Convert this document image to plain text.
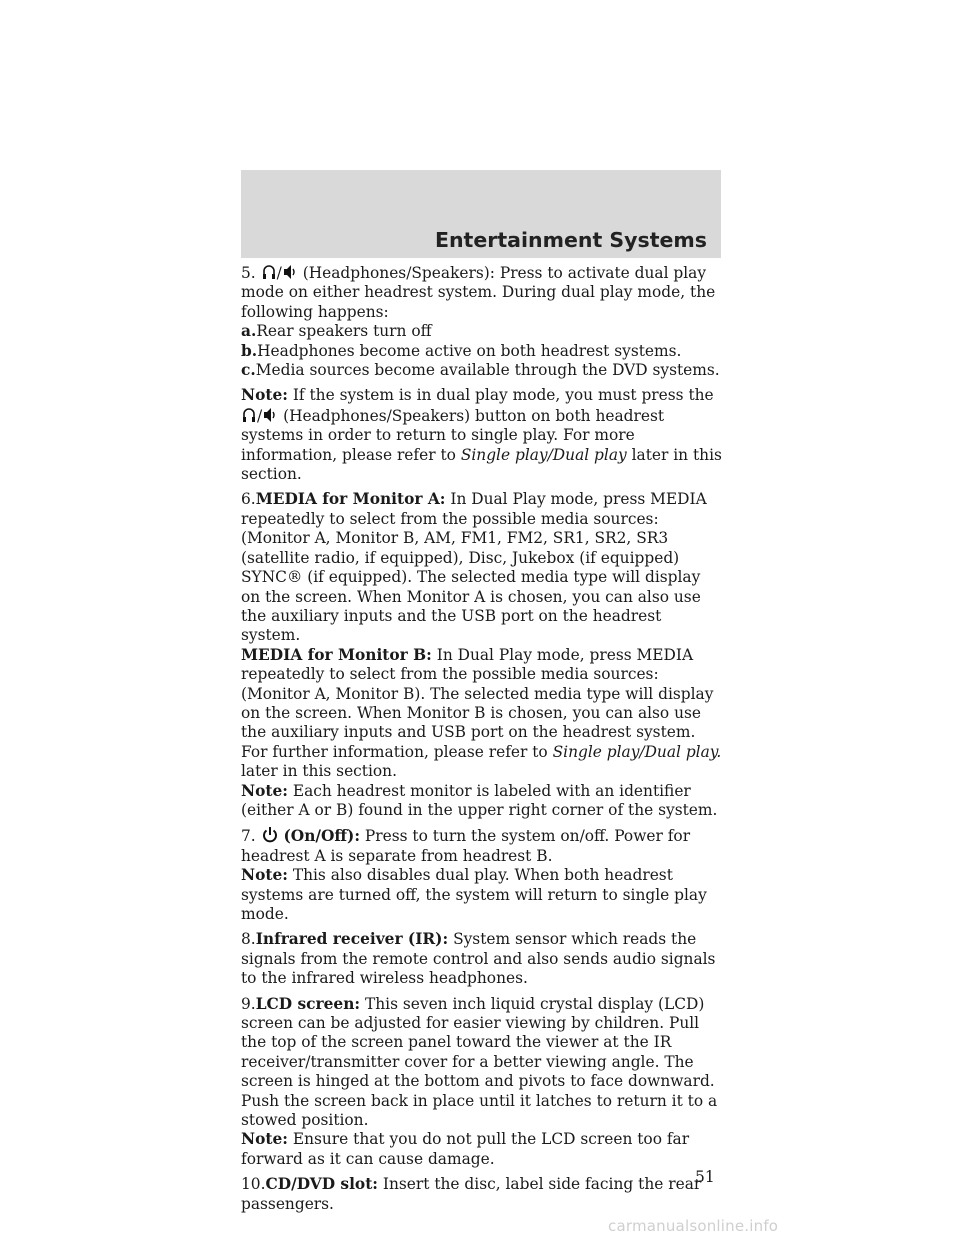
Entertainment Systems

5. / (Headphones/Speakers): Press to activate dual play mode on either headrest system. During dual play mode, the following happens:

a.Rear speakers turn off

b.Headphones become active on both headrest systems.

c.Media sources become available through the DVD systems.

Note: If the system is in dual play mode, you must press the / (Headphones/Speakers) button on both headrest systems in order to return to single play. For more information, please refer to Single play/Dual play later in this section.

6.MEDIA for Monitor A: In Dual Play mode, press MEDIA repeatedly to select from the possible media sources: (Monitor A, Monitor B, AM, FM1, FM2, SR1, SR2, SR3 (satellite radio, if equipped), Disc, Jukebox (if equipped) SYNC® (if equipped). The selected media type will display on the screen. When Monitor A is chosen, you can also use the auxiliary inputs and the USB port on the headrest system.

MEDIA for Monitor B: In Dual Play mode, press MEDIA repeatedly to select from the possible media sources: (Monitor A, Monitor B). The selected media type will display on the screen. When Monitor B is chosen, you can also use the auxiliary inputs and USB port on the headrest system.

For further information, please refer to Single play/Dual play. later in this section.

Note: Each headrest monitor is labeled with an identifier (either A or B) found in the upper right corner of the system.

7. (On/Off): Press to turn the system on/off. Power for headrest A is separate from headrest B.

Note: This also disables dual play. When both headrest systems are turned off, the system will return to single play mode.

8.Infrared receiver (IR): System sensor which reads the signals from the remote control and also sends audio signals to the infrared wireless headphones.

9.LCD screen: This seven inch liquid crystal display (LCD) screen can be adjusted for easier viewing by children. Pull the top of the screen panel toward the viewer at the IR receiver/transmitter cover for a better viewing angle. The screen is hinged at the bottom and pivots to face downward. Push the screen back in place until it latches to return it to a stowed position.

Note: Ensure that you do not pull the LCD screen too far forward as it can cause damage.

10.CD/DVD slot: Insert the disc, label side facing the rear passengers.

51
carmanualsonline.info
